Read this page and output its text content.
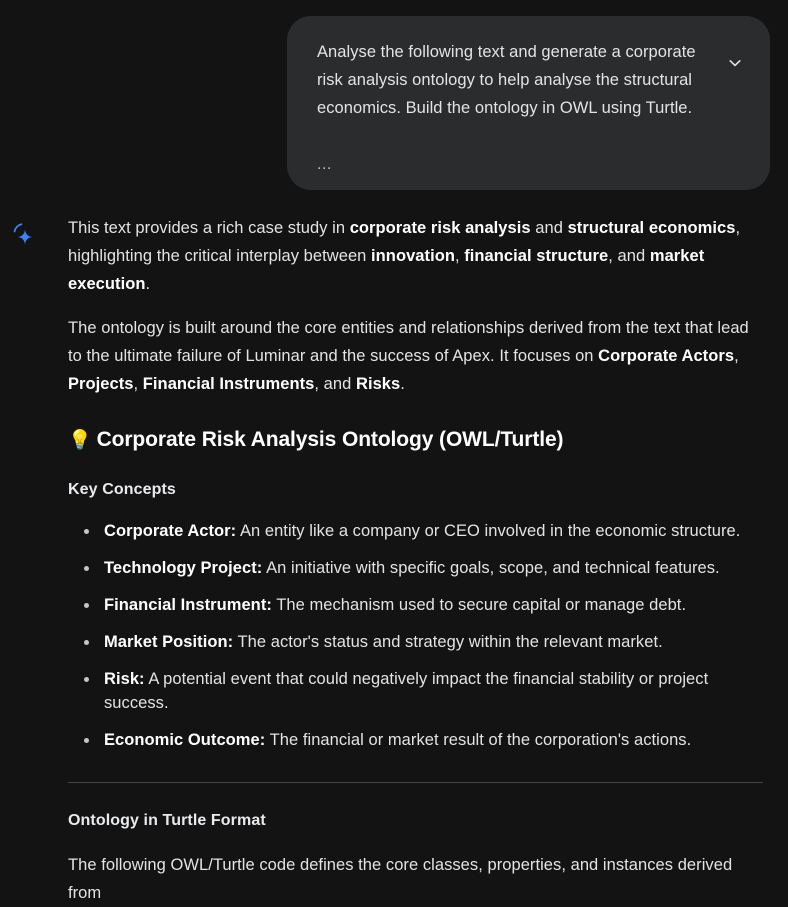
Analyse the following text and generate a corporate risk analysis ontology to help analyse the structural economics. Build the ontology in OWL using Turtle.

...

This text provides a rich case study in corporate risk analysis and structural economics, highlighting the critical interplay between innovation, financial structure, and market execution.

The ontology is built around the core entities and relationships derived from the text that lead to the ultimate failure of Luminar and the success of Apex. It focuses on Corporate Actors, Projects, Financial Instruments, and Risks.

💡 Corporate Risk Analysis Ontology (OWL/Turtle)
Key Concepts
Corporate Actor: An entity like a company or CEO involved in the economic structure.
Technology Project: An initiative with specific goals, scope, and technical features.
Financial Instrument: The mechanism used to secure capital or manage debt.
Market Position: The actor's status and strategy within the relevant market.
Risk: A potential event that could negatively impact the financial stability or project success.
Economic Outcome: The financial or market result of the corporation's actions.
Ontology in Turtle Format

The following OWL/Turtle code defines the core classes, properties, and instances derived from
